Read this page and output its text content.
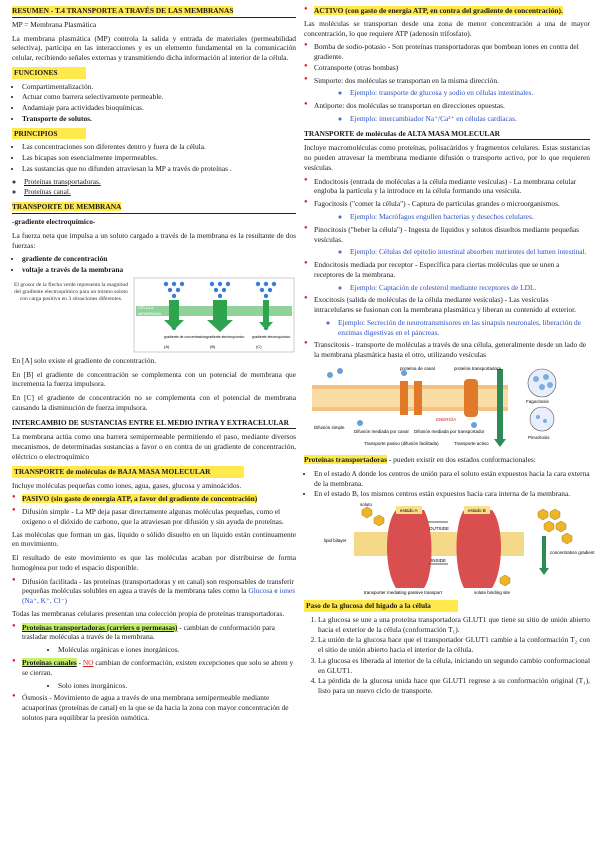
RESUMEN - T.4 TRANSPORTE A TRAVÉS DE LAS MEMBRANAS

MP = Membrana Plasmática

La membrana plasmática (MP) controla la salida y entrada de materiales (permeabilidad selectiva), participa en las interacciones y es un elemento fundamental en la comunicación celular, recibiendo señales externas y transmitiendo dicha información al interior de la célula.

FUNCIONES
• Compartimentalización.
• Actuar como barrera selectivamente permeable.
• Andamiaje para actividades bioquímicas.
• Transporte de solutos.
PRINCIPIOS
• Las concentraciones son diferentes dentro y fuera de la célula.
• Las bicapas son esencialmente impermeables.
• Las sustancias que no difunden atraviesan la MP a través de proteínas .
◦ Proteínas transportadoras.
◦ Proteínas canal.
TRANSPORTE DE MEMBRANA

-gradiente electroquímico-

La fuerza neta que impulsa a un soluto cargado a través de la membrana es la resultante de dos fuerzas:

• gradiente de concentración
• voltaje a través de la membrana
El grosor de la flecha verde representa la magnitud del gradiente electroquímico para un mismo soluto con carga positiva en 3 situaciones diferentes.
CÉLULA
MEMBRANA
gradiente de concentración gradiente electroquímico gradiente electroquímico
(A)	(B)	(C)

En [A] solo existe el gradiente de concentración.

En [B] el gradiente de concentración se complementa con un potencial de membrana que incrementa la fuerza impulsora.

En [C] el gradiente de concentración no se complementa con el potencial de membrana causando la disminución de fuerza impulsora.

INTERCAMBIO DE SUSTANCIAS ENTRE EL MEDIO INTRA Y EXTRACELULAR

La membrana actúa como una barrera semipermeable permitiendo el paso, mediante diversos mecanismos, de determinadas sustancias a favor o en contra de un gradiente de concentración, eléctrico o electroquímico

TRANSPORTE de moléculas de BAJA MASA MOLECULAR

Incluye moléculas pequeñas como iones, agua, gases, glucosa y aminoácidos.

● PASIVO (sin gasto de energía ATP, a favor del gradiente de concentración)
● Difusión simple - La MP deja pasar directamente algunas moléculas pequeñas, como el oxígeno o el dióxido de carbono, que la atraviesan por difusión y sin ayuda de proteínas.

Las moléculas que forman un gas, líquido o sólido disuelto en un líquido están continuamente en movimiento.

El resultado de este movimiento es que las moléculas acaban por distribuirse de forma homogénea por todo el espacio disponible.

● Difusión facilitada - las proteínas (transportadoras y en canal) son responsables de transferir pequeñas moléculas solubles en agua a través de la membrana tales como la Glucosa e iones (Na⁺, K⁺, Cl⁻)

Todas las membranas celulares presentan una colección propia de proteínas transportadoras.

● Proteínas transportadoras (carriers o permeasas) - cambian de conformación para trasladar moléculas a través de la membrana.
• Moléculas orgánicas e iones inorgánicos.
● Proteínas canales - NO cambian de conformación, existen excepciones que solo se abren y se cierran.
• Solo iones inorgánicos.
● Ósmosis - Movimiento de agua a través de una membrana semipermeable mediante acuaporinas (proteínas de canal) en la que se da hacia la zona con mayor concentración de solutos para equilibrar la presión osmótica.
● ACTIVO (con gasto de energía ATP, en contra del gradiente de concentración).

Las moléculas se transportan desde una zona de menor concentración a una de mayor concentración, lo que requiere ATP (adenosín trifosfato).

● Bomba de sodio-potasio - Son proteínas transportadoras que bombean iones en contra del gradiente.
● Cotransporte (otras bombas)
● Simporte: dos moléculas se transportan en la misma dirección.
◦ Ejemplo: transporte de glucosa y sodio en células intestinales.
● Antiporte: dos moléculas se transportan en direcciones opuestas.
◦ Ejemplo: intercambiador Na⁺/Ca²⁺ en células cardíacas.
TRANSPORTE de moléculas de ALTA MASA MOLECULAR

Incluye macromoléculas como proteínas, polisacáridos y fragmentos celulares. Estas sustancias no pueden atravesar la membrana mediante difusión o transporte activo, por lo que requieren vesículas.

● Endocitosis (entrada de moléculas a la célula mediante vesículas) - La membrana celular engloba la partícula y la introduce en la célula formando una vesícula.
● Fagocitosis ("comer la célula") - Captura de partículas grandes o microorganismos.
◦ Ejemplo: Macrófagos engullen bacterias y desechos celulares.
● Pinocitosis ("beber la célula") - Ingesta de líquidos y solutos disueltos mediante pequeñas vesículas.
◦ Ejemplo: Células del epitelio intestinal absorben nutrientes del lumen intestinal.
● Endocitosis mediada por receptor - Específica para ciertas moléculas que se unen a receptores de la membrana.
◦ Ejemplo: Captación de colesterol mediante receptores de LDL.
● Exocitosis (salida de moléculas de la célula mediante vesículas) - Las vesículas intracelulares se fusionan con la membrana plasmática y liberan su contenido al exterior.
◦ Ejemplo: Secreción de neurotransmisores en las sinapsis neuronales, liberación de enzimas digestivas en el páncreas.
● Transcitosis - transporte de moléculas a través de una célula, generalmente desde un lado de la membrana plasmática hasta el otro, utilizando vesículas
proteína de canal	proteína transportadora
Difusión simple
Difusión mediada por canal Difusión mediada por transportador
Transporte pasivo (difusión facilitada)	Transporte activo
ENERGÍA
Fagocitosis
Pinocitosis

Proteínas transportadoras - pueden existir en dos estados conformacionales:

• En el estado A donde los centros de unión para el soluto están expuestos hacia la cara externa de la membrana.
• En el estado B, los mismos centros están expuestos hacia cara interna de la membrana.
estado A	estado B
soluto
OUTSIDE
INSIDE
lipid bilayer
concentration gradient
transporter mediating passive transport	solute binding site
Paso de la glucosa del hígado a la célula
1. La glucosa se une a una proteína transportadora GLUT1 que tiene su sitio de unión abierto hacia el exterior de la célula (conformación T₁).
2. La unión de la glucosa hace que el transportador GLUT1 cambie a la conformación T₂ con el sitio de unión abierto hacia el interior de la célula.
3. La glucosa es liberada al interior de la célula, iniciando un segundo cambio conformacional en GLUT1.
4. La pérdida de la glucosa unida hace que GLUT1 regrese a su conformación original (T₁), listo para un nuevo ciclo de transporte.
